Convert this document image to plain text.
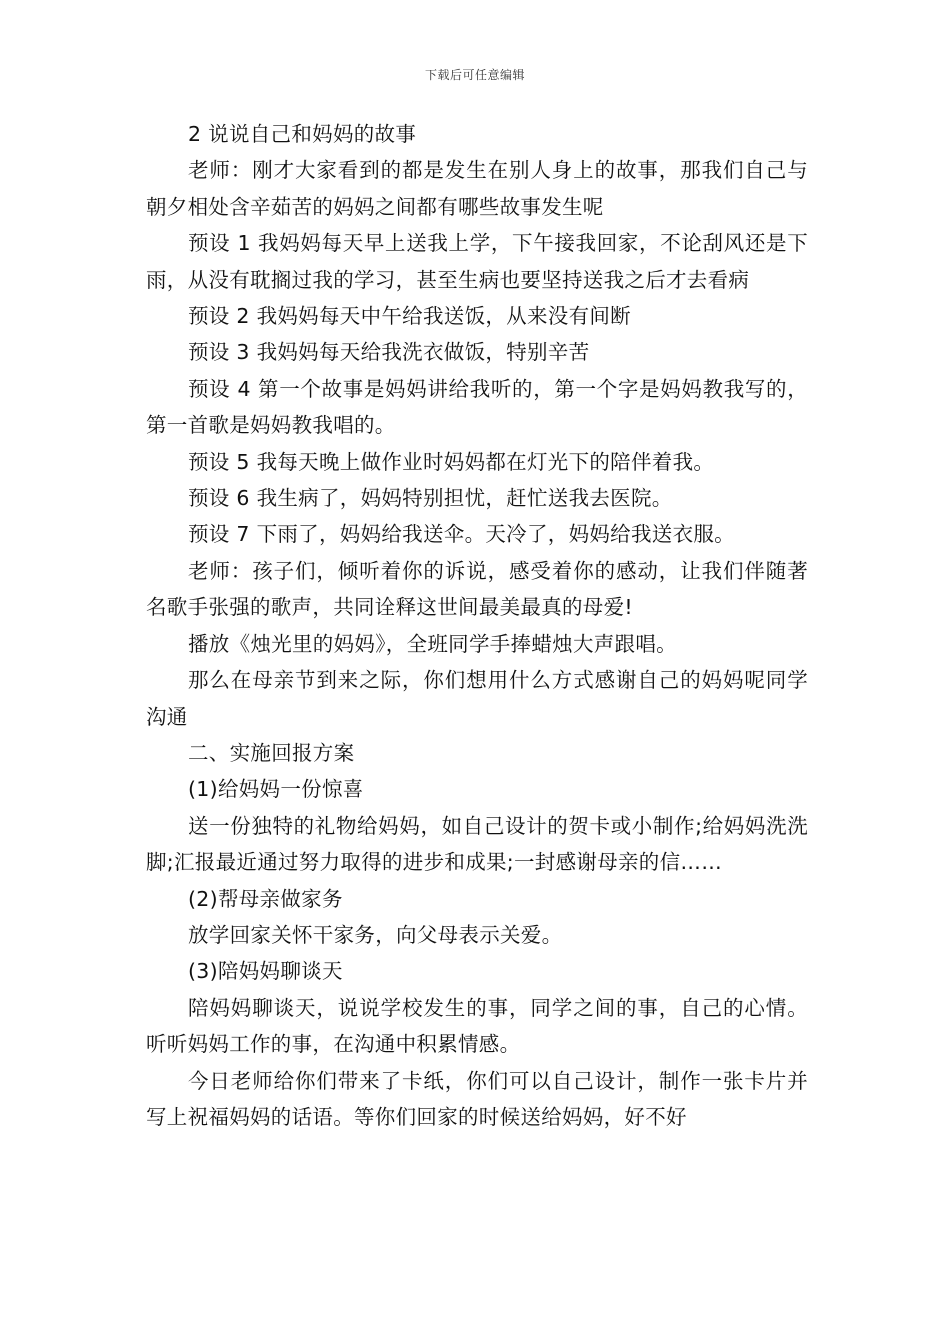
下载后可任意编辑

2 说说自己和妈妈的故事

老师：刚才大家看到的都是发生在别人身上的故事，那我们自己与朝夕相处含辛茹苦的妈妈之间都有哪些故事发生呢

预设 1 我妈妈每天早上送我上学，下午接我回家，不论刮风还是下雨，从没有耽搁过我的学习，甚至生病也要坚持送我之后才去看病

预设 2 我妈妈每天中午给我送饭，从来没有间断

预设 3 我妈妈每天给我洗衣做饭，特别辛苦

预设 4 第一个故事是妈妈讲给我听的，第一个字是妈妈教我写的，第一首歌是妈妈教我唱的。

预设 5 我每天晚上做作业时妈妈都在灯光下的陪伴着我。

预设 6 我生病了，妈妈特别担忧，赶忙送我去医院。

预设 7 下雨了，妈妈给我送伞。天冷了，妈妈给我送衣服。

老师：孩子们，倾听着你的诉说，感受着你的感动，让我们伴随著名歌手张强的歌声，共同诠释这世间最美最真的母爱!

播放《烛光里的妈妈》，全班同学手捧蜡烛大声跟唱。

那么在母亲节到来之际，你们想用什么方式感谢自己的妈妈呢同学沟通

二、实施回报方案

(1)给妈妈一份惊喜

送一份独特的礼物给妈妈，如自己设计的贺卡或小制作;给妈妈洗洗脚;汇报最近通过努力取得的进步和成果;一封感谢母亲的信……

(2)帮母亲做家务

放学回家关怀干家务，向父母表示关爱。

(3)陪妈妈聊谈天

陪妈妈聊谈天，说说学校发生的事，同学之间的事，自己的心情。听听妈妈工作的事，在沟通中积累情感。

今日老师给你们带来了卡纸，你们可以自己设计，制作一张卡片并写上祝福妈妈的话语。等你们回家的时候送给妈妈，好不好
